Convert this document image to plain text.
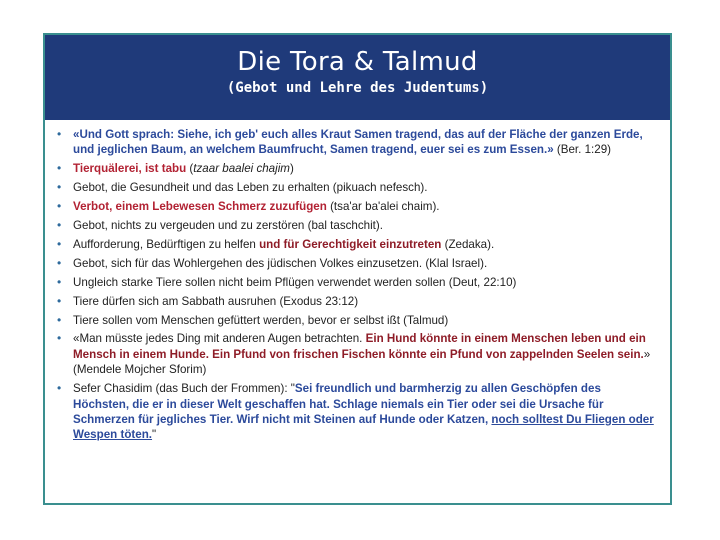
Die Tora & Talmud
(Gebot und Lehre des Judentums)
• «Und Gott sprach: Siehe, ich geb' euch alles Kraut Samen tragend, das auf der Fläche der ganzen Erde, und jeglichen Baum, an welchem Baumfrucht, Samen tragend, euer sei es zum Essen.» (Ber. 1:29)
• Tierquälerei, ist tabu (tzaar baalei chajim)
• Gebot, die Gesundheit und das Leben zu erhalten (pikuach nefesch).
• Verbot, einem Lebewesen Schmerz zuzufügen (tsa'ar ba'alei chaim).
• Gebot, nichts zu vergeuden und zu zerstören (bal taschchit).
• Aufforderung, Bedürftigen zu helfen und für Gerechtigkeit einzutreten (Zedaka).
• Gebot, sich für das Wohlergehen des jüdischen Volkes einzusetzen. (Klal Israel).
• Ungleich starke Tiere sollen nicht beim Pflügen verwendet werden sollen (Deut, 22:10)
• Tiere dürfen sich am Sabbath ausruhen (Exodus 23:12)
• Tiere sollen vom Menschen gefüttert werden, bevor er selbst ißt (Talmud)
• «Man müsste jedes Ding mit anderen Augen betrachten. Ein Hund könnte in einem Menschen leben und ein Mensch in einem Hunde. Ein Pfund von frischen Fischen könnte ein Pfund von zappelnden Seelen sein.» (Mendele Mojcher Sforim)
• Sefer Chasidim (das Buch der Frommen): "Sei freundlich und barmherzig zu allen Geschöpfen des Höchsten, die er in dieser Welt geschaffen hat. Schlage niemals ein Tier oder sei die Ursache für Schmerzen für jegliches Tier. Wirf nicht mit Steinen auf Hunde oder Katzen, noch solltest Du Fliegen oder Wespen töten."
